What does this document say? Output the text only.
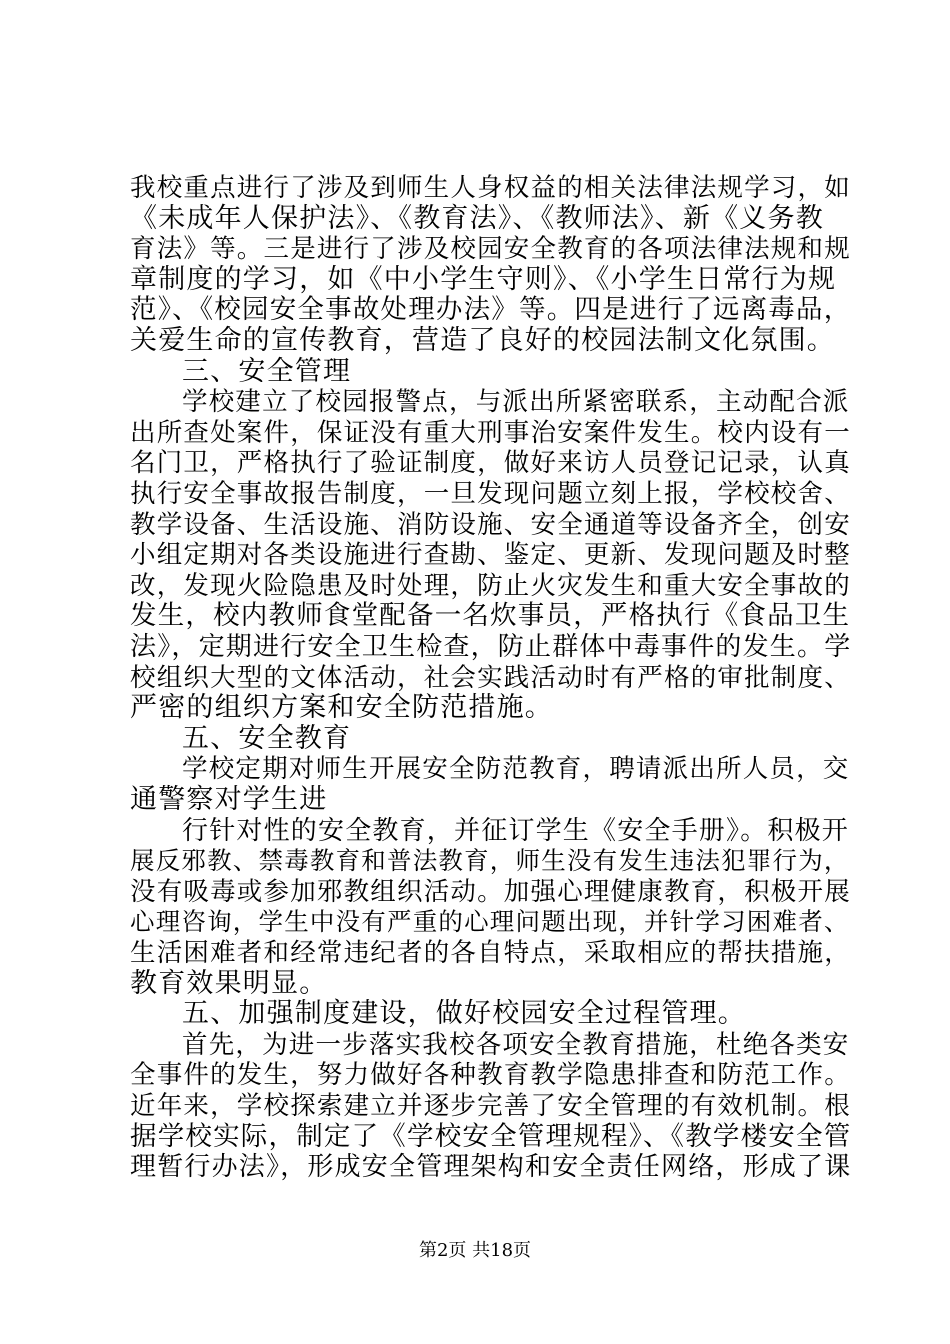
我校重点进行了涉及到师生人身权益的相关法律法规学习，如
《未成年人保护法》、《教育法》、《教师法》、新《义务教
育法》等。三是进行了涉及校园安全教育的各项法律法规和规
章制度的学习，如《中小学生守则》、《小学生日常行为规
范》、《校园安全事故处理办法》等。四是进行了远离毒品，
关爱生命的宣传教育，营造了良好的校园法制文化氛围。
三、安全管理
学校建立了校园报警点，与派出所紧密联系，主动配合派
出所查处案件，保证没有重大刑事治安案件发生。校内设有一
名门卫，严格执行了验证制度，做好来访人员登记记录，认真
执行安全事故报告制度，一旦发现问题立刻上报，学校校舍、
教学设备、生活设施、消防设施、安全通道等设备齐全，创安
小组定期对各类设施进行查勘、鉴定、更新、发现问题及时整
改，发现火险隐患及时处理，防止火灾发生和重大安全事故的
发生，校内教师食堂配备一名炊事员，严格执行《食品卫生
法》，定期进行安全卫生检查，防止群体中毒事件的发生。学
校组织大型的文体活动，社会实践活动时有严格的审批制度、
严密的组织方案和安全防范措施。
五、安全教育
学校定期对师生开展安全防范教育，聘请派出所人员，交
通警察对学生进
行针对性的安全教育，并征订学生《安全手册》。积极开
展反邪教、禁毒教育和普法教育，师生没有发生违法犯罪行为，
没有吸毒或参加邪教组织活动。加强心理健康教育，积极开展
心理咨询，学生中没有严重的心理问题出现，并针学习困难者、
生活困难者和经常违纪者的各自特点，采取相应的帮扶措施，
教育效果明显。
五、加强制度建设，做好校园安全过程管理。
首先，为进一步落实我校各项安全教育措施，杜绝各类安
全事件的发生，努力做好各种教育教学隐患排查和防范工作。
近年来，学校探索建立并逐步完善了安全管理的有效机制。根
据学校实际，制定了《学校安全管理规程》、《教学楼安全管
理暂行办法》，形成安全管理架构和安全责任网络，形成了课
第2页 共18页
